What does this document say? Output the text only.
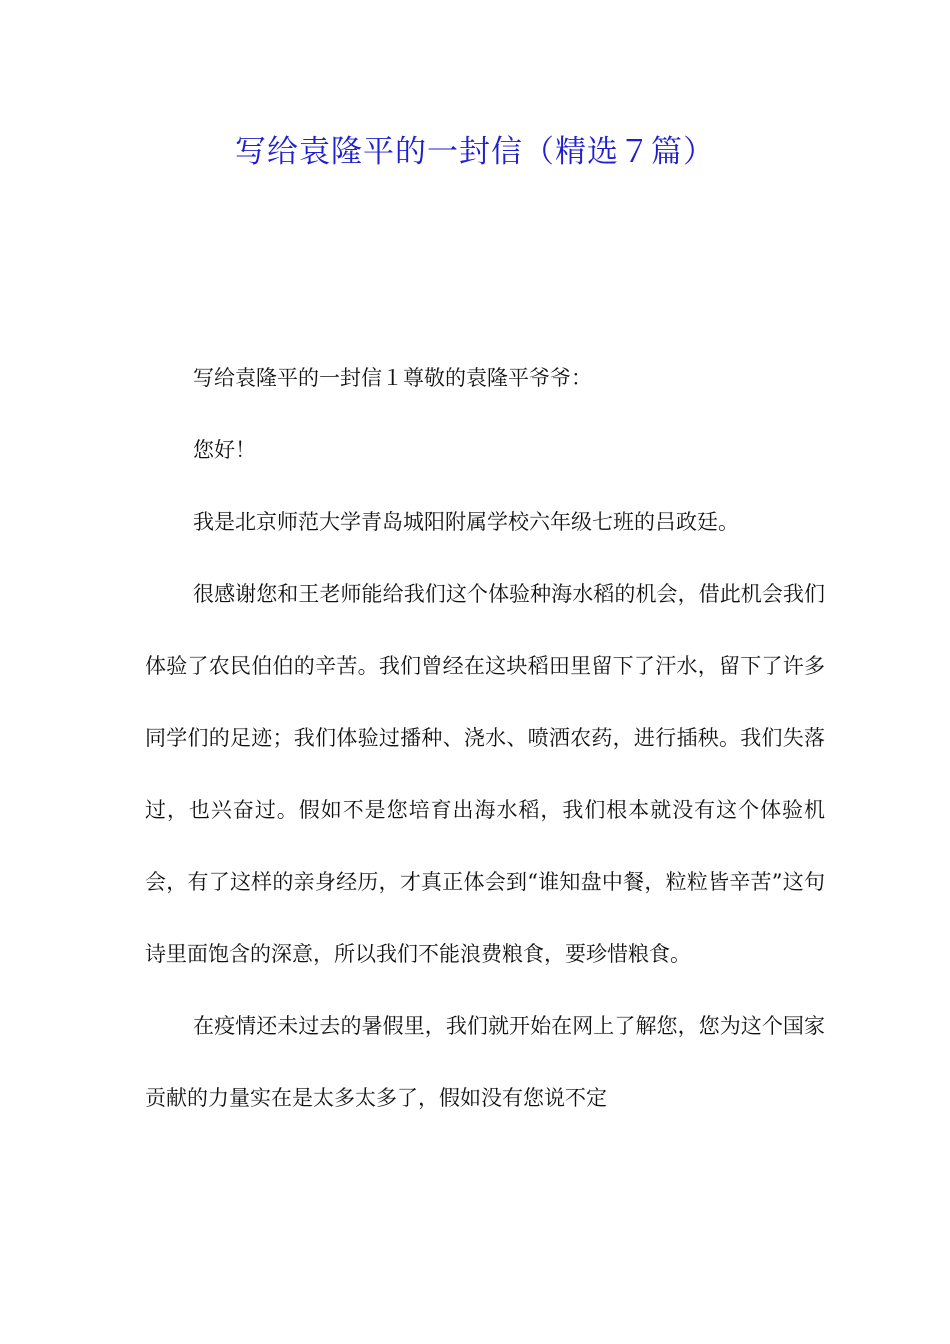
写给袁隆平的一封信（精选７篇）

写给袁隆平的一封信１尊敬的袁隆平爷爷：

您好！

我是北京师范大学青岛城阳附属学校六年级七班的吕政廷。

很感谢您和王老师能给我们这个体验种海水稻的机会，借此机会我们体验了农民伯伯的辛苦。我们曾经在这块稻田里留下了汗水，留下了许多同学们的足迹；我们体验过播种、浇水、喷洒农药，进行插秧。我们失落过，也兴奋过。假如不是您培育出海水稻，我们根本就没有这个体验机会，有了这样的亲身经历，才真正体会到“谁知盘中餐，粒粒皆辛苦”这句诗里面饱含的深意，所以我们不能浪费粮食，要珍惜粮食。

在疫情还未过去的暑假里，我们就开始在网上了解您，您为这个国家贡献的力量实在是太多太多了，假如没有您说不定
